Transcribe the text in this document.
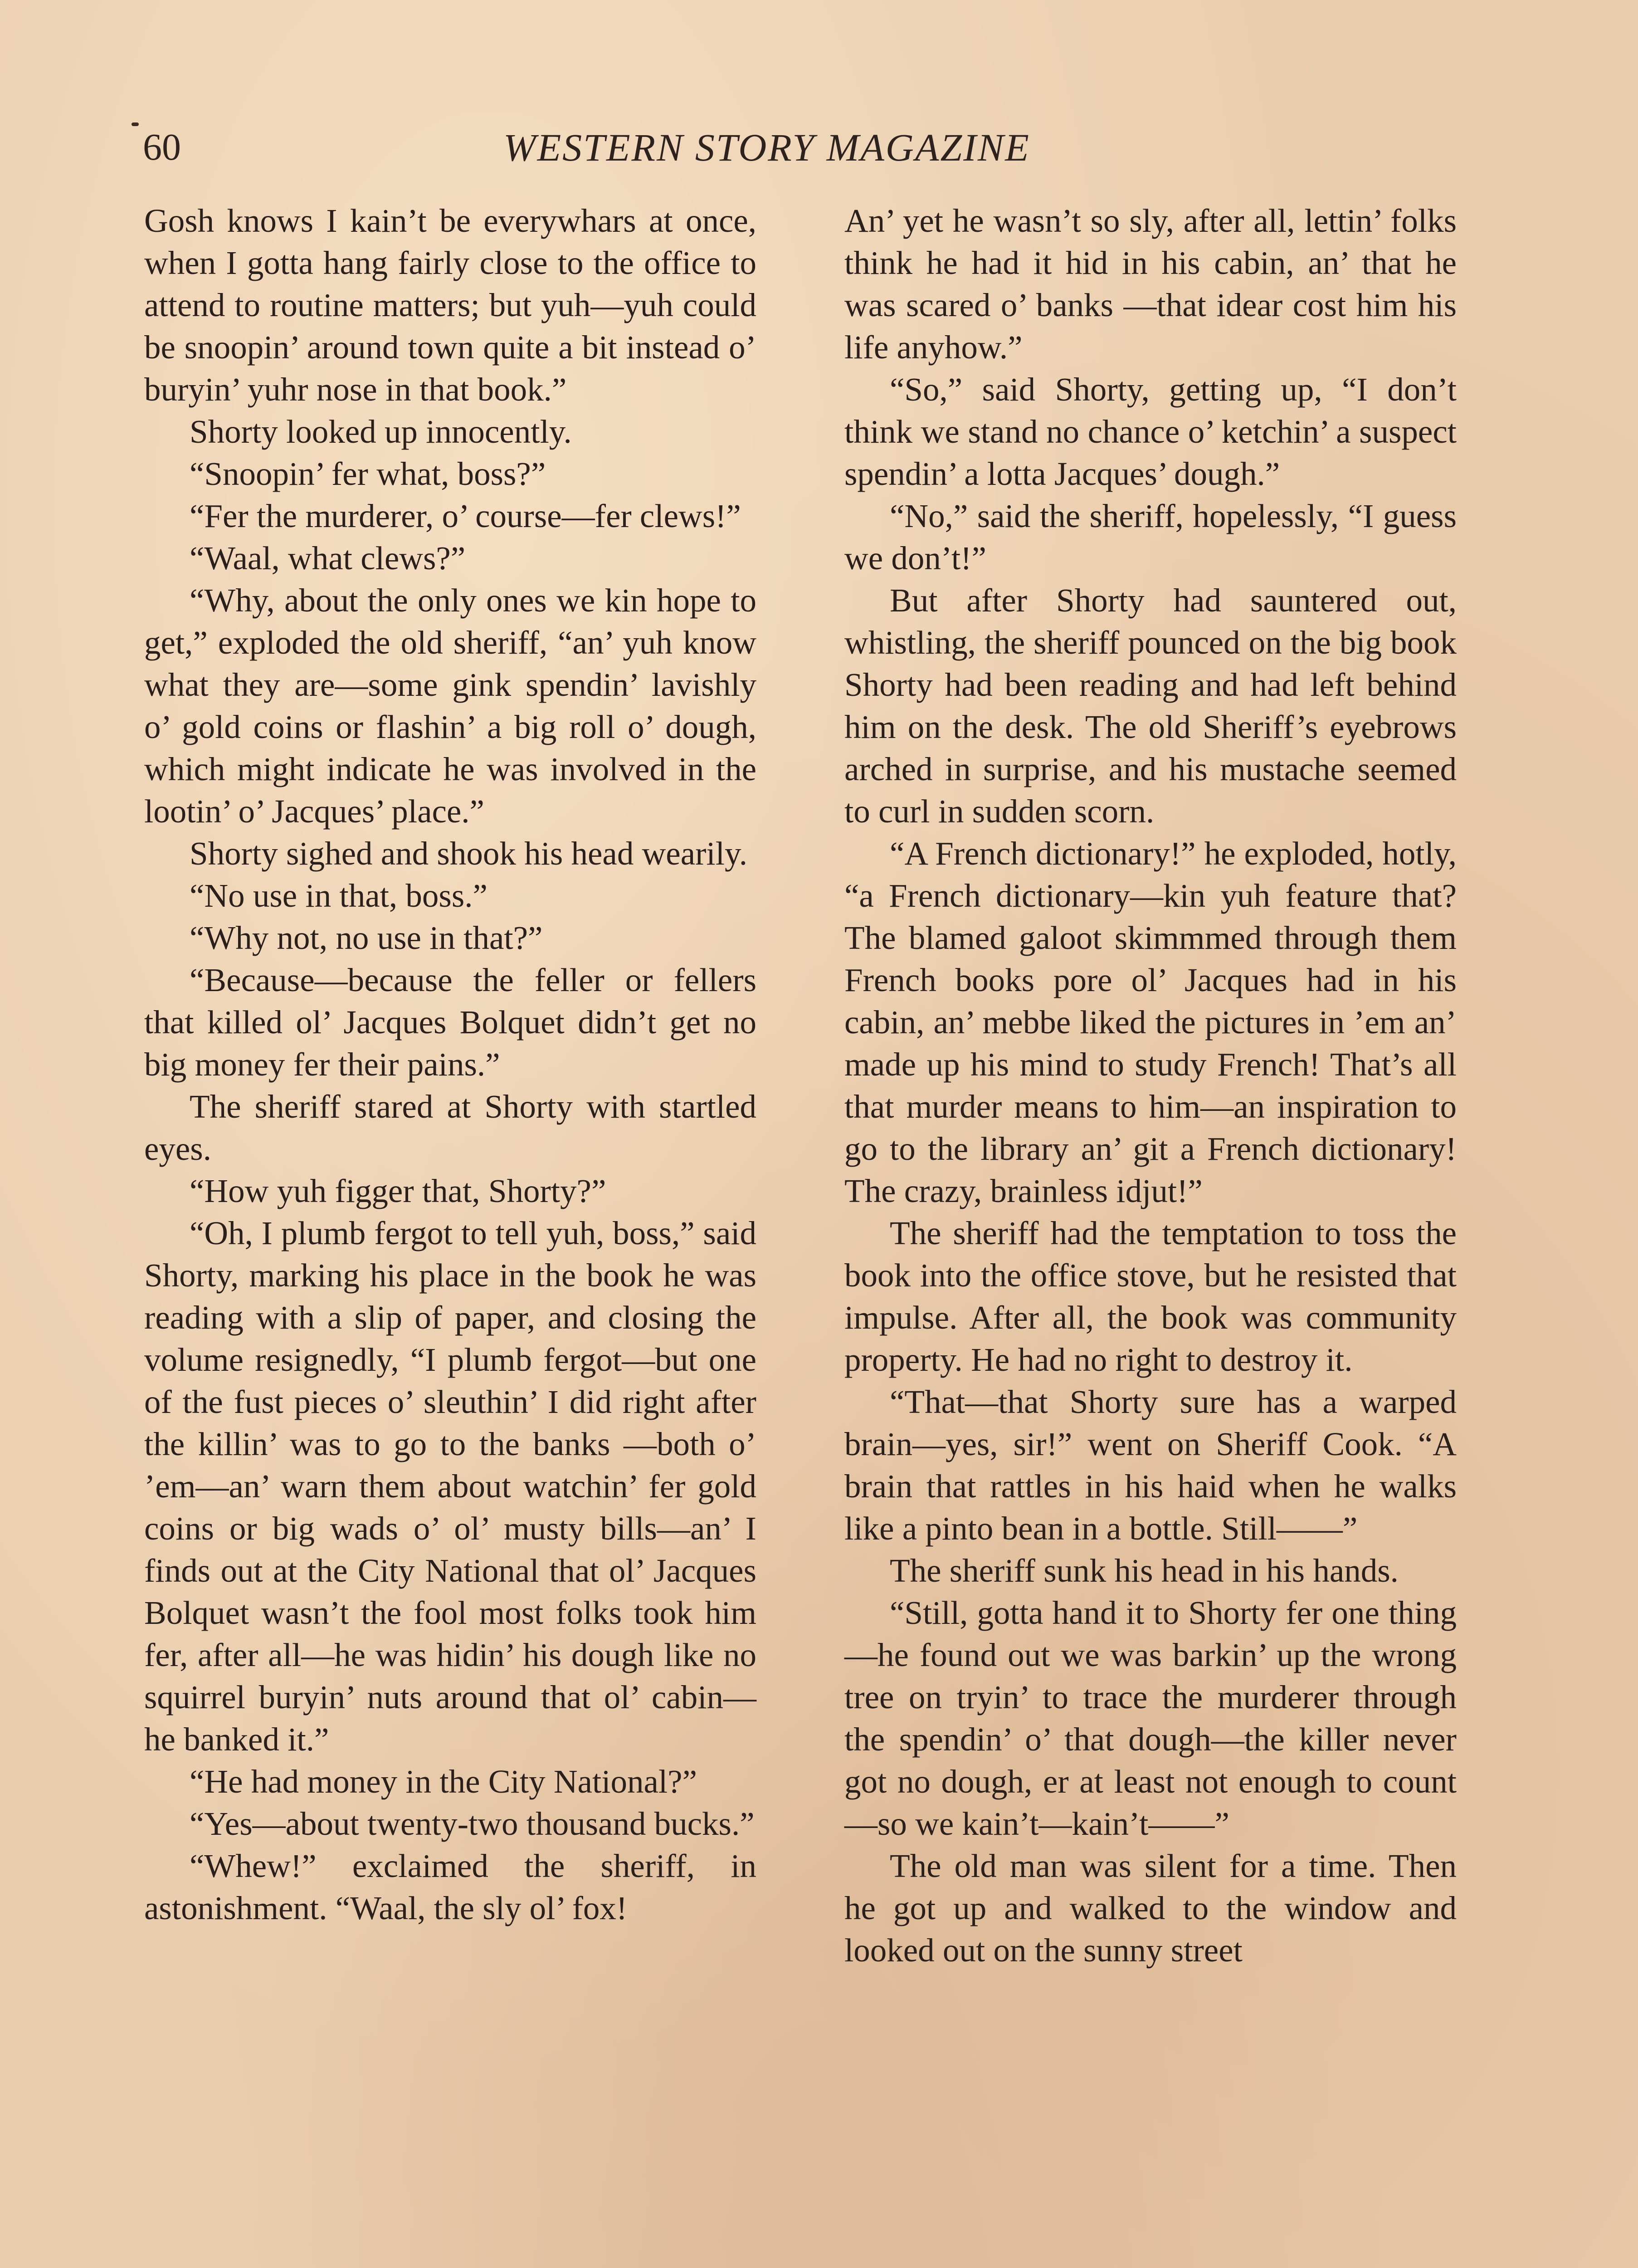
60	WESTERN STORY MAGAZINE

Gosh knows I kain’t be everywhars at once, when I gotta hang fairly close to the office to attend to routine matters; but yuh—yuh could be snoopin’ around town quite a bit instead o’ buryin’ yuhr nose in that book.”

Shorty looked up innocently.

“Snoopin’ fer what, boss?”

“Fer the murderer, o’ course—fer clews!”

“Waal, what clews?”

“Why, about the only ones we kin hope to get,” exploded the old sheriff, “an’ yuh know what they are—some gink spendin’ lavishly o’ gold coins or flashin’ a big roll o’ dough, which might indicate he was involved in the lootin’ o’ Jacques’ place.”

Shorty sighed and shook his head wearily.

“No use in that, boss.”

“Why not, no use in that?”

“Because—because the feller or fellers that killed ol’ Jacques Bolquet didn’t get no big money fer their pains.”

The sheriff stared at Shorty with startled eyes.

“How yuh figger that, Shorty?”

“Oh, I plumb fergot to tell yuh, boss,” said Shorty, marking his place in the book he was reading with a slip of paper, and closing the volume resignedly, “I plumb fergot—but one of the fust pieces o’ sleuthin’ I did right after the killin’ was to go to the banks —both o’ ’em—an’ warn them about watchin’ fer gold coins or big wads o’ ol’ musty bills—an’ I finds out at the City National that ol’ Jacques Bolquet wasn’t the fool most folks took him fer, after all—he was hidin’ his dough like no squirrel buryin’ nuts around that ol’ cabin—he banked it.”

“He had money in the City National?”

“Yes—about twenty-two thousand bucks.”

“Whew!” exclaimed the sheriff, in astonishment. “Waal, the sly ol’ fox!

An’ yet he wasn’t so sly, after all, lettin’ folks think he had it hid in his cabin, an’ that he was scared o’ banks —that idear cost him his life anyhow.”

“So,” said Shorty, getting up, “I don’t think we stand no chance o’ ketchin’ a suspect spendin’ a lotta Jacques’ dough.”

“No,” said the sheriff, hopelessly, “I guess we don’t!”

But after Shorty had sauntered out, whistling, the sheriff pounced on the big book Shorty had been reading and had left behind him on the desk. The old Sheriff’s eyebrows arched in surprise, and his mustache seemed to curl in sudden scorn.

“A French dictionary!” he exploded, hotly, “a French dictionary—kin yuh feature that? The blamed galoot skimmmed through them French books pore ol’ Jacques had in his cabin, an’ mebbe liked the pictures in ’em an’ made up his mind to study French! That’s all that murder means to him—an inspiration to go to the library an’ git a French dictionary! The crazy, brainless idjut!”

The sheriff had the temptation to toss the book into the office stove, but he resisted that impulse. After all, the book was community property. He had no right to destroy it.

“That—that Shorty sure has a warped brain—yes, sir!” went on Sheriff Cook. “A brain that rattles in his haid when he walks like a pinto bean in a bottle. Still——”

The sheriff sunk his head in his hands.

“Still, gotta hand it to Shorty fer one thing—he found out we was barkin’ up the wrong tree on tryin’ to trace the murderer through the spendin’ o’ that dough—the killer never got no dough, er at least not enough to count —so we kain’t—kain’t——”

The old man was silent for a time. Then he got up and walked to the window and looked out on the sunny street
